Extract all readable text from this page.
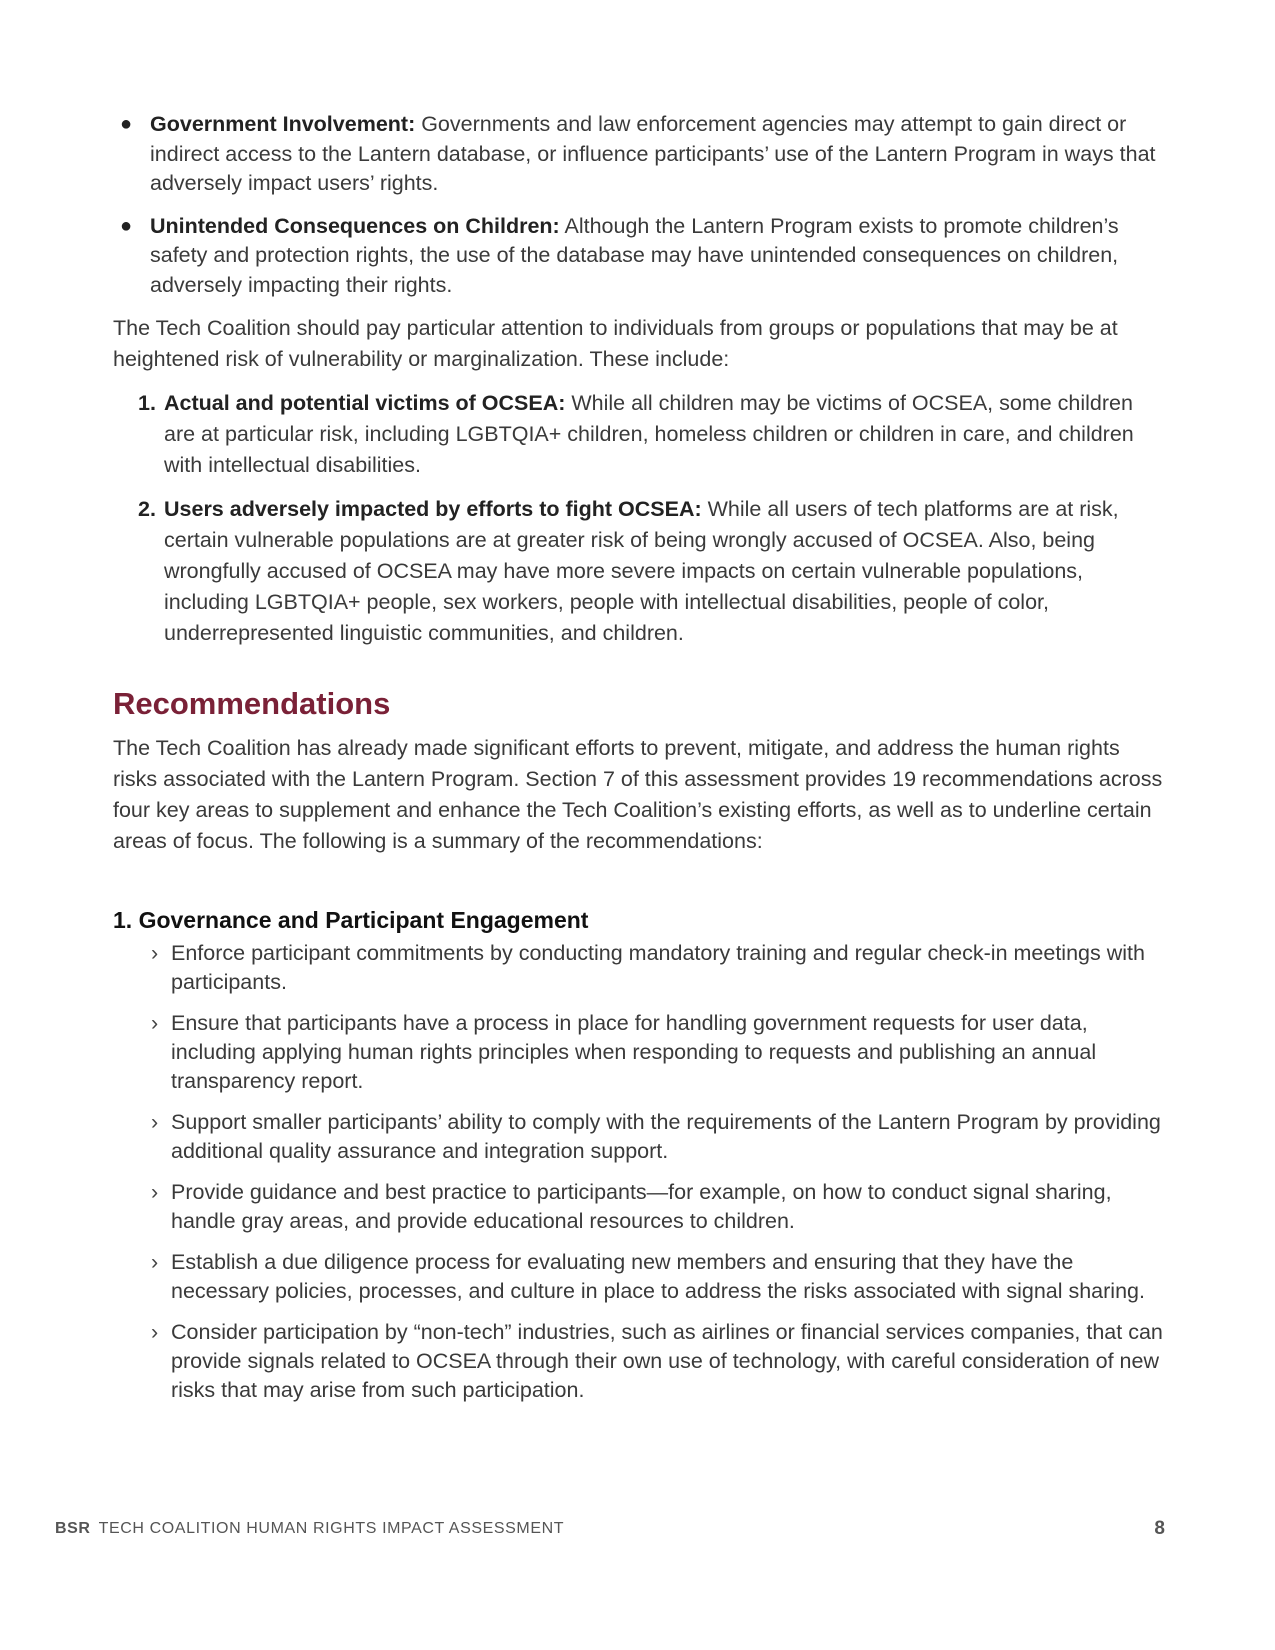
● Government Involvement: Governments and law enforcement agencies may attempt to gain direct or indirect access to the Lantern database, or influence participants’ use of the Lantern Program in ways that adversely impact users’ rights.
● Unintended Consequences on Children: Although the Lantern Program exists to promote children’s safety and protection rights, the use of the database may have unintended consequences on children, adversely impacting their rights.

The Tech Coalition should pay particular attention to individuals from groups or populations that may be at heightened risk of vulnerability or marginalization. These include:

1. Actual and potential victims of OCSEA: While all children may be victims of OCSEA, some children are at particular risk, including LGBTQIA+ children, homeless children or children in care, and children with intellectual disabilities.
2. Users adversely impacted by efforts to fight OCSEA: While all users of tech platforms are at risk, certain vulnerable populations are at greater risk of being wrongly accused of OCSEA. Also, being wrongfully accused of OCSEA may have more severe impacts on certain vulnerable populations, including LGBTQIA+ people, sex workers, people with intellectual disabilities, people of color, underrepresented linguistic communities, and children.
Recommendations

The Tech Coalition has already made significant efforts to prevent, mitigate, and address the human rights risks associated with the Lantern Program. Section 7 of this assessment provides 19 recommendations across four key areas to supplement and enhance the Tech Coalition’s existing efforts, as well as to underline certain areas of focus. The following is a summary of the recommendations:

1. Governance and Participant Engagement
› Enforce participant commitments by conducting mandatory training and regular check-in meetings with participants.
› Ensure that participants have a process in place for handling government requests for user data, including applying human rights principles when responding to requests and publishing an annual transparency report.
› Support smaller participants’ ability to comply with the requirements of the Lantern Program by providing additional quality assurance and integration support.
› Provide guidance and best practice to participants—for example, on how to conduct signal sharing, handle gray areas, and provide educational resources to children.
› Establish a due diligence process for evaluating new members and ensuring that they have the necessary policies, processes, and culture in place to address the risks associated with signal sharing.
› Consider participation by “non-tech” industries, such as airlines or financial services companies, that can provide signals related to OCSEA through their own use of technology, with careful consideration of new risks that may arise from such participation.
BSR TECH COALITION HUMAN RIGHTS IMPACT ASSESSMENT	8
